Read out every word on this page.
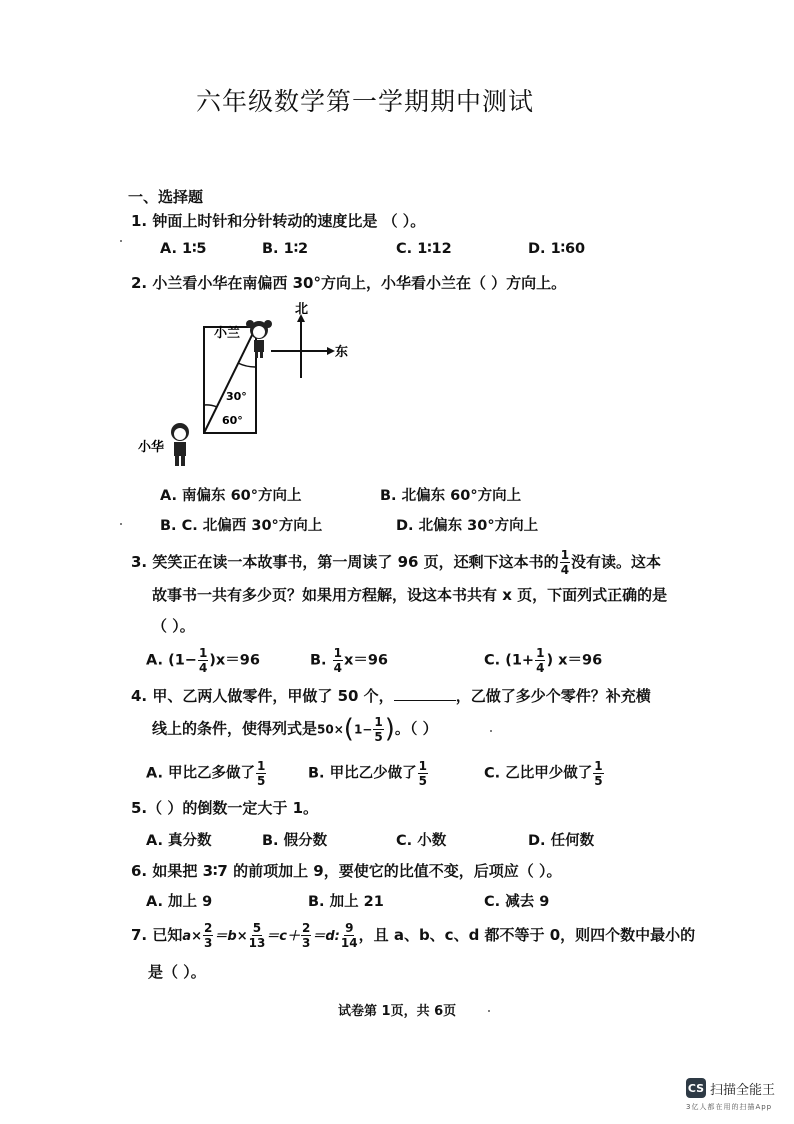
六年级数学第一学期期中测试
一、选择题
1. 钟面上时针和分针转动的速度比是 （ ）。
A. 1∶5	B. 1∶2	C. 1∶12	D. 1∶60
2. 小兰看小华在南偏西 30°方向上，小华看小兰在（ ）方向上。
30°
60°
北
东
小兰
小华
A. 南偏东 60°方向上	B. 北偏东 60°方向上
B. C. 北偏西 30°方向上	D. 北偏东 30°方向上
3. 笑笑正在读一本故事书，第一周读了 96 页，还剩下这本书的 $\frac{1}{4}$ 没有读。这本
故事书一共有多少页？如果用方程解，设这本书共有 x 页，下面列式正确的是
（ ）。
A. $(1- \frac{1}{4} )x=96$	B. $\frac{1}{4} x=96$	C. ($1+ \frac{1}{4}$ ) x＝96
4. 甲、乙两人做零件，甲做了 50 个，	，乙做了多少个零件？补充横
线上的条件，使得列式是$50\times(1- \frac{1}{5}$ )。（ ）
A. 甲比乙多做了 $\frac{1}{5}$	B. 甲比乙少做了 $\frac{1}{5}$	C. 乙比甲少做了 $\frac{1}{5}$
5.（ ）的倒数一定大于 1。
A. 真分数	B. 假分数	C. 小数	D. 任何数
6. 如果把 3∶7 的前项加上 9，要使它的比值不变，后项应（ ）。
A. 加上 9	B. 加上 21	C. 减去 9
7. 已知$a\times \frac{2}{3} =b\times \frac{5}{13} =c+ \frac{2}{3} =d$: $\frac{9}{14}$ ，且 a、b、c、d 都不等于 0，则四个数中最小的
是（ ）。
试卷第 1页，共 6页
CS 扫描全能王
3亿人都在用的扫描App
